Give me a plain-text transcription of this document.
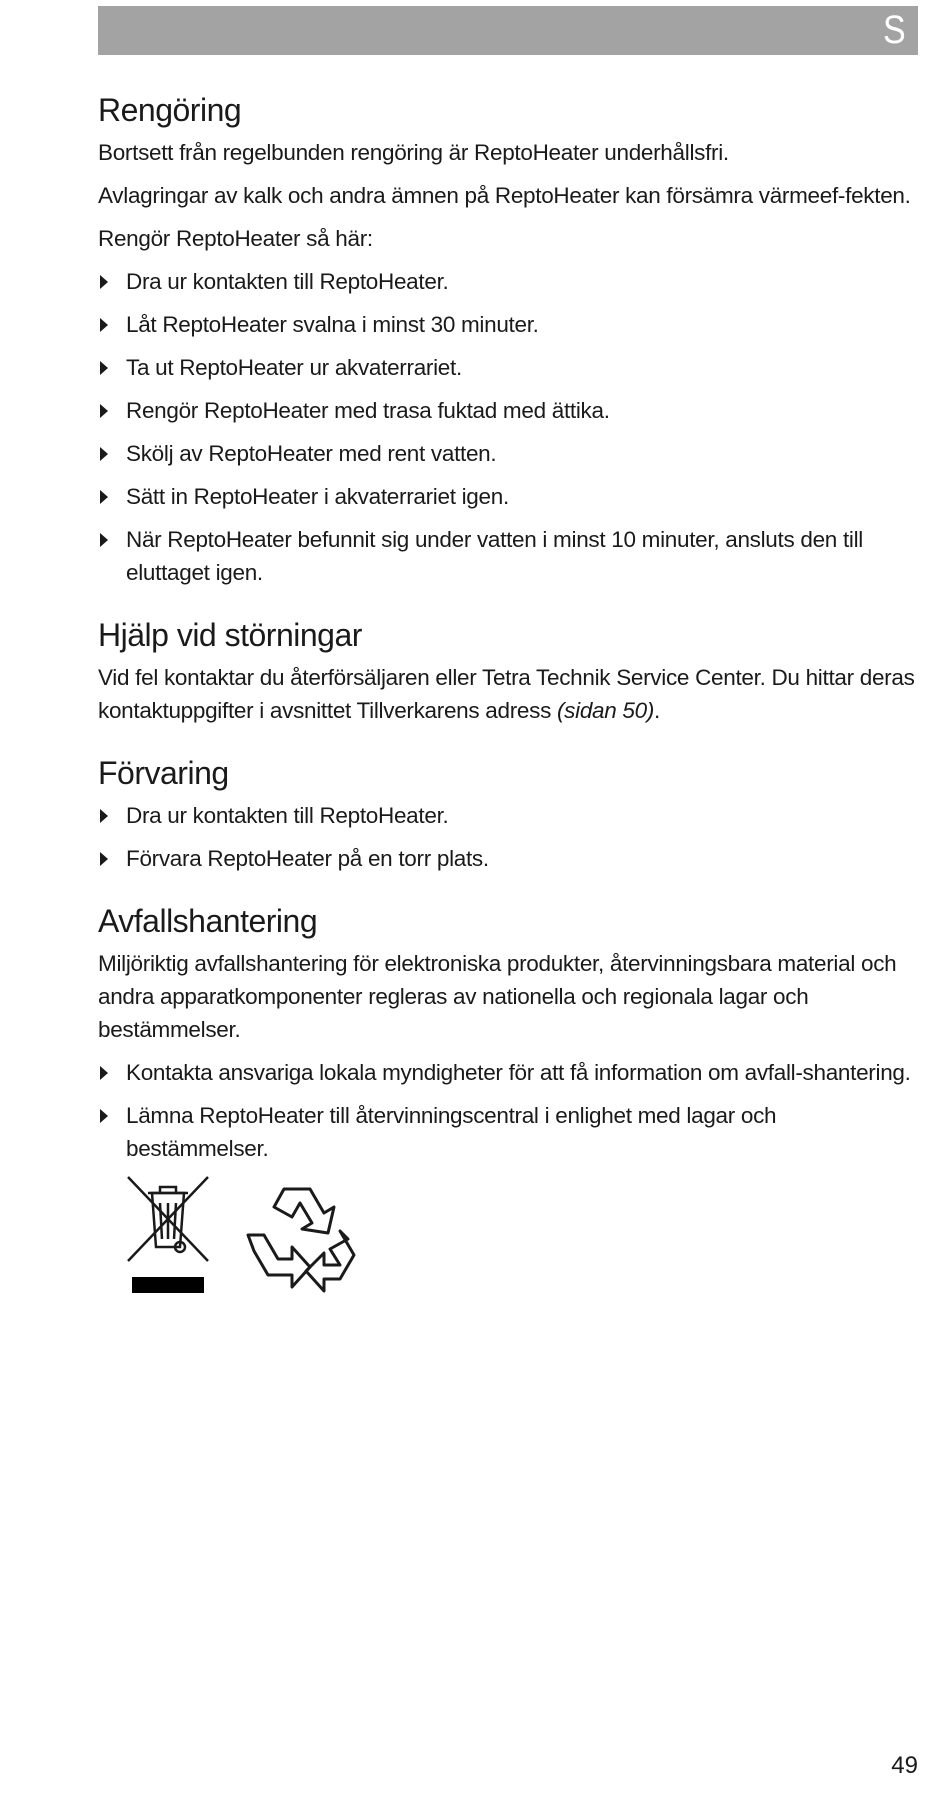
S
Rengöring

Bortsett från regelbunden rengöring är ReptoHeater underhållsfri.

Avlagringar av kalk och andra ämnen på ReptoHeater kan försämra värmeef-fekten.

Rengör ReptoHeater så här:

Dra ur kontakten till ReptoHeater.
Låt ReptoHeater svalna i minst 30 minuter.
Ta ut ReptoHeater ur akvaterrariet.
Rengör ReptoHeater med trasa fuktad med ättika.
Skölj av ReptoHeater med rent vatten.
Sätt in ReptoHeater i akvaterrariet igen.
När ReptoHeater befunnit sig under vatten i minst 10 minuter, ansluts den till eluttaget igen.
Hjälp vid störningar

Vid fel kontaktar du återförsäljaren eller Tetra Technik Service Center. Du hittar deras kontaktuppgifter i avsnittet Tillverkarens adress (sidan 50).

Förvaring
Dra ur kontakten till ReptoHeater.
Förvara ReptoHeater på en torr plats.
Avfallshantering

Miljöriktig avfallshantering för elektroniska produkter, återvinningsbara material och andra apparatkomponenter regleras av nationella och regionala lagar och bestämmelser.

Kontakta ansvariga lokala myndigheter för att få information om avfall-shantering.
Lämna ReptoHeater till återvinningscentral i enlighet med lagar och bestämmelser.
49
